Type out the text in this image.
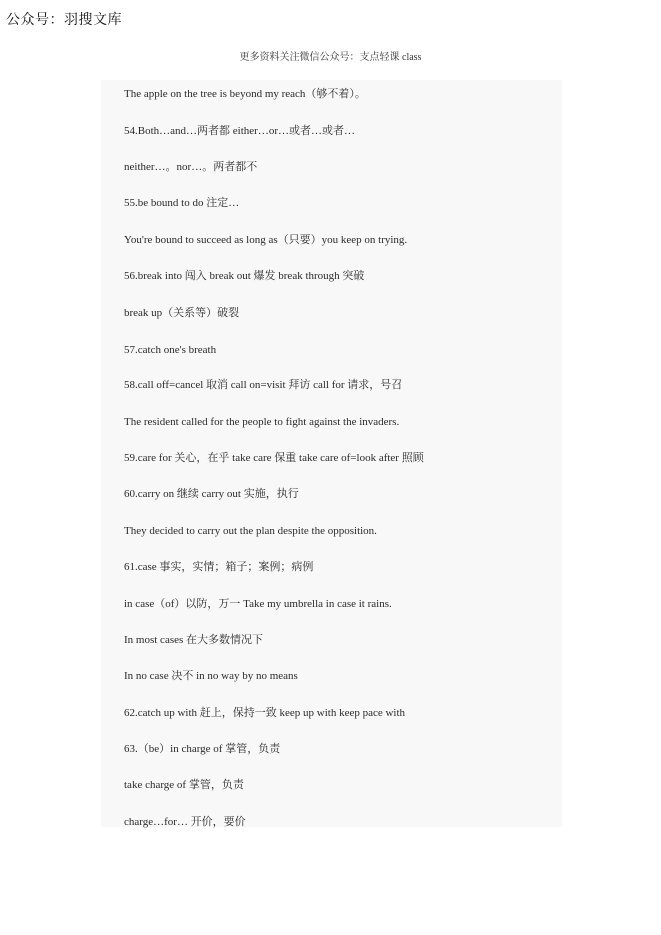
公众号：羽搜文库
更多资料关注微信公众号：支点轻课 class
The apple on the tree is beyond my reach（够不着）。
54.Both…and…两者都 either…or…或者…或者…
neither…。nor…。两者都不
55.be bound to do 注定…
You're bound to succeed as long as（只要）you keep on trying.
56.break into 闯入 break out 爆发 break through 突破
break up（关系等）破裂
57.catch one's breath
58.call off=cancel 取消 call on=visit 拜访 call for 请求，号召
The resident called for the people to fight against the invaders.
59.care for 关心，在乎 take care 保重 take care of=look after 照顾
60.carry on 继续 carry out 实施，执行
They decided to carry out the plan despite the opposition.
61.case 事实，实情；箱子；案例；病例
in case（of）以防，万一 Take my umbrella in case it rains.
In most cases 在大多数情况下
In no case 决不 in no way by no means
62.catch up with 赶上，保持一致 keep up with keep pace with
63.（be）in charge of 掌管，负责
take charge of 掌管，负责
charge…for… 开价，要价
